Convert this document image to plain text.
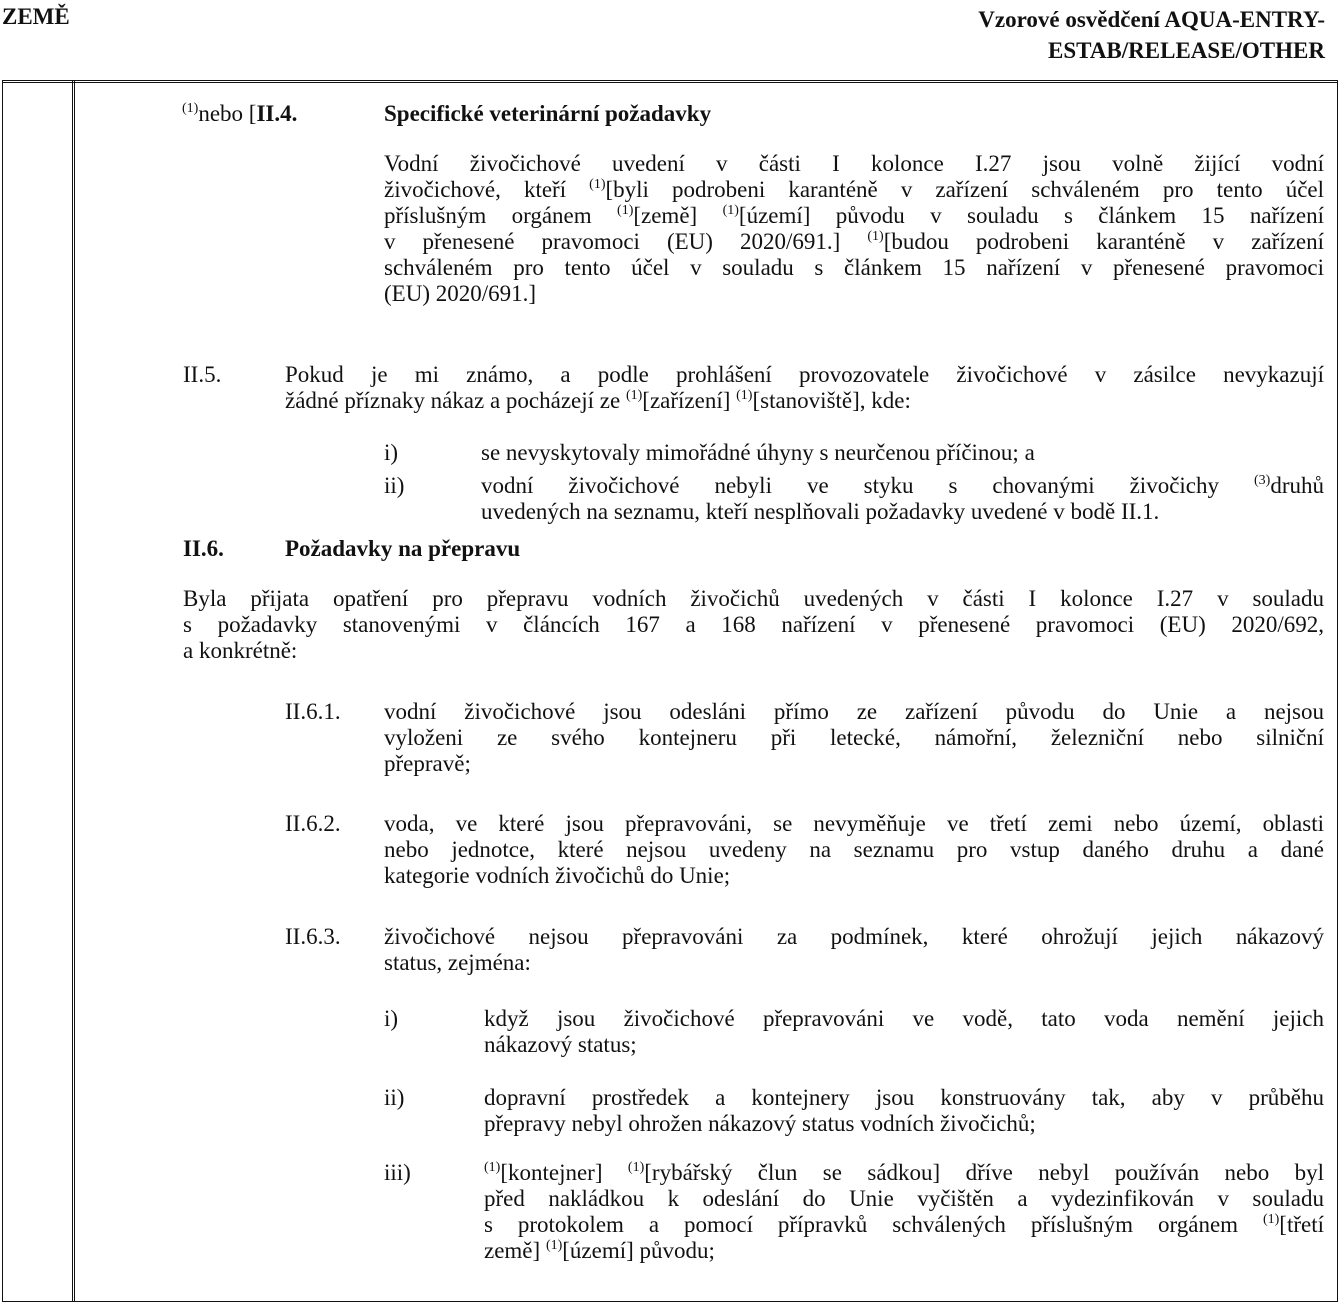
ZEMĚ	Vzorové osvědčení AQUA-ENTRY-
ESTAB/RELEASE/OTHER
$^{(1)}$nebo [II.4.	Specifické veterinární požadavky
Vodní živočichové uvedení v části I kolonce I.27 jsou volně žijící vodní
živočichové, kteří $^{(1)}$[byli podrobeni karanténě v zařízení schváleném pro tento účel
příslušným orgánem $^{(1)}$[země] $^{(1)}$[území] původu v souladu s článkem 15 nařízení
v přenesené pravomoci (EU) 2020/691.] $^{(1)}$[budou podrobeni karanténě v zařízení
schváleném pro tento účel v souladu s článkem 15 nařízení v přenesené pravomoci
(EU) 2020/691.]
II.5.	Pokud je mi známo, a podle prohlášení provozovatele živočichové v zásilce nevykazují
žádné příznaky nákaz a pocházejí ze $^{(1)}$[zařízení] $^{(1)}$[stanoviště], kde:
i)	se nevyskytovaly mimořádné úhyny s neurčenou příčinou; a
ii)	vodní živočichové nebyli ve styku s chovanými živočichy $^{(3)}$druhů
uvedených na seznamu, kteří nesplňovali požadavky uvedené v bodě II.1.
II.6.	Požadavky na přepravu
Byla přijata opatření pro přepravu vodních živočichů uvedených v části I kolonce I.27 v souladu
s požadavky stanovenými v článcích 167 a 168 nařízení v přenesené pravomoci (EU) 2020/692,
a konkrétně:
II.6.1. vodní živočichové jsou odesláni přímo ze zařízení původu do Unie a nejsou
vyloženi ze svého kontejneru při letecké, námořní, železniční nebo silniční
přepravě;
II.6.2. voda, ve které jsou přepravováni, se nevyměňuje ve třetí zemi nebo území, oblasti
nebo jednotce, které nejsou uvedeny na seznamu pro vstup daného druhu a dané
kategorie vodních živočichů do Unie;
II.6.3. živočichové nejsou přepravováni za podmínek, které ohrožují jejich nákazový
status, zejména:
i)	když jsou živočichové přepravováni ve vodě, tato voda nemění jejich
nákazový status;
ii)	dopravní prostředek a kontejnery jsou konstruovány tak, aby v průběhu
přepravy nebyl ohrožen nákazový status vodních živočichů;
iii)	$^{(1)}$[kontejner] $^{(1)}$[rybářský člun se sádkou] dříve nebyl používán nebo byl
před nakládkou k odeslání do Unie vyčištěn a vydezinfikován v souladu
s protokolem a pomocí přípravků schválených příslušným orgánem $^{(1)}$[třetí
země] $^{(1)}$[území] původu;
